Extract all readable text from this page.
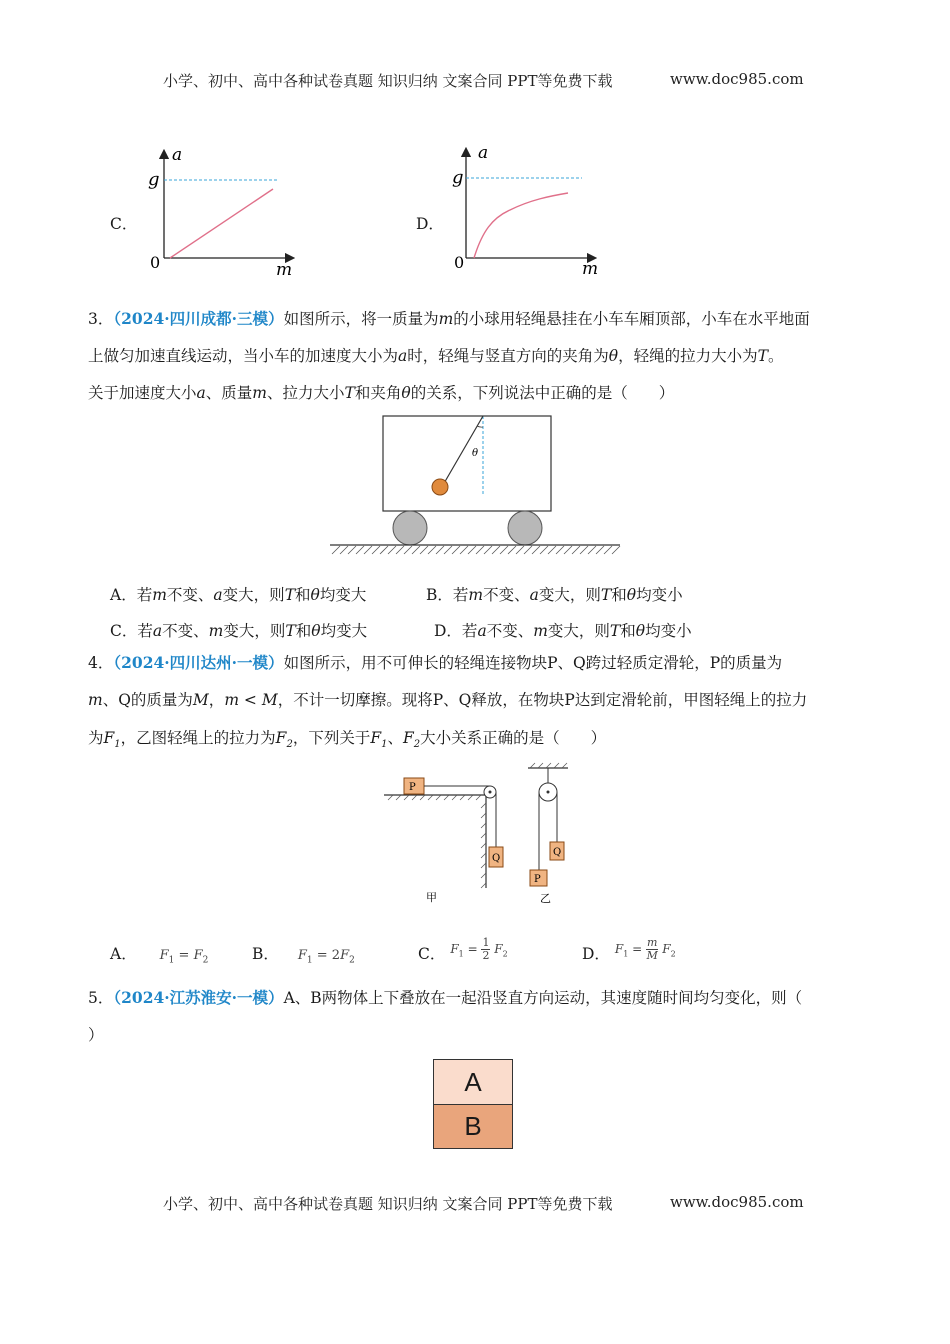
小学、初中、高中各种试卷真题 知识归纳 文案合同 PPT等免费下载	www.doc985.com
C．
a
g
0	m
D．
a
g
0	m
3．（2024·四川成都·三模）如图所示，将一质量为m的小球用轻绳悬挂在小车车厢顶部，小车在水平地面
上做匀加速直线运动，当小车的加速度大小为a时，轻绳与竖直方向的夹角为θ，轻绳的拉力大小为T。
关于加速度大小a、质量m、拉力大小T和夹角θ的关系，下列说法中正确的是（　　）
θ
A．若m不变、a变大，则T和θ均变大	B．若m不变、a变大，则T和θ均变小
C．若a不变、m变大，则T和θ均变大	D．若a不变、m变大，则T和θ均变小
4．（2024·四川达州·一模）如图所示，用不可伸长的轻绳连接物块P、Q跨过轻质定滑轮，P的质量为
m、Q的质量为M，m < M，不计一切摩擦。现将P、Q释放，在物块P达到定滑轮前，甲图轻绳上的拉力
为$F_1$，乙图轻绳上的拉力为$F_2$，下列关于$F_1$、$F_2$大小关系正确的是（　　）
P
Q
甲
Q
P
乙
A． $F_1 = F_2$	B． $F_1 = 2F_2$	C． $^{F_1 = \frac{1}{2} F_2}$	D． $^{F_1 = \frac{m}{M} F_2}$
5．（2024·江苏淮安·一模）A、B两物体上下叠放在一起沿竖直方向运动，其速度随时间均匀变化，则（
）
A
B
小学、初中、高中各种试卷真题 知识归纳 文案合同 PPT等免费下载	www.doc985.com
